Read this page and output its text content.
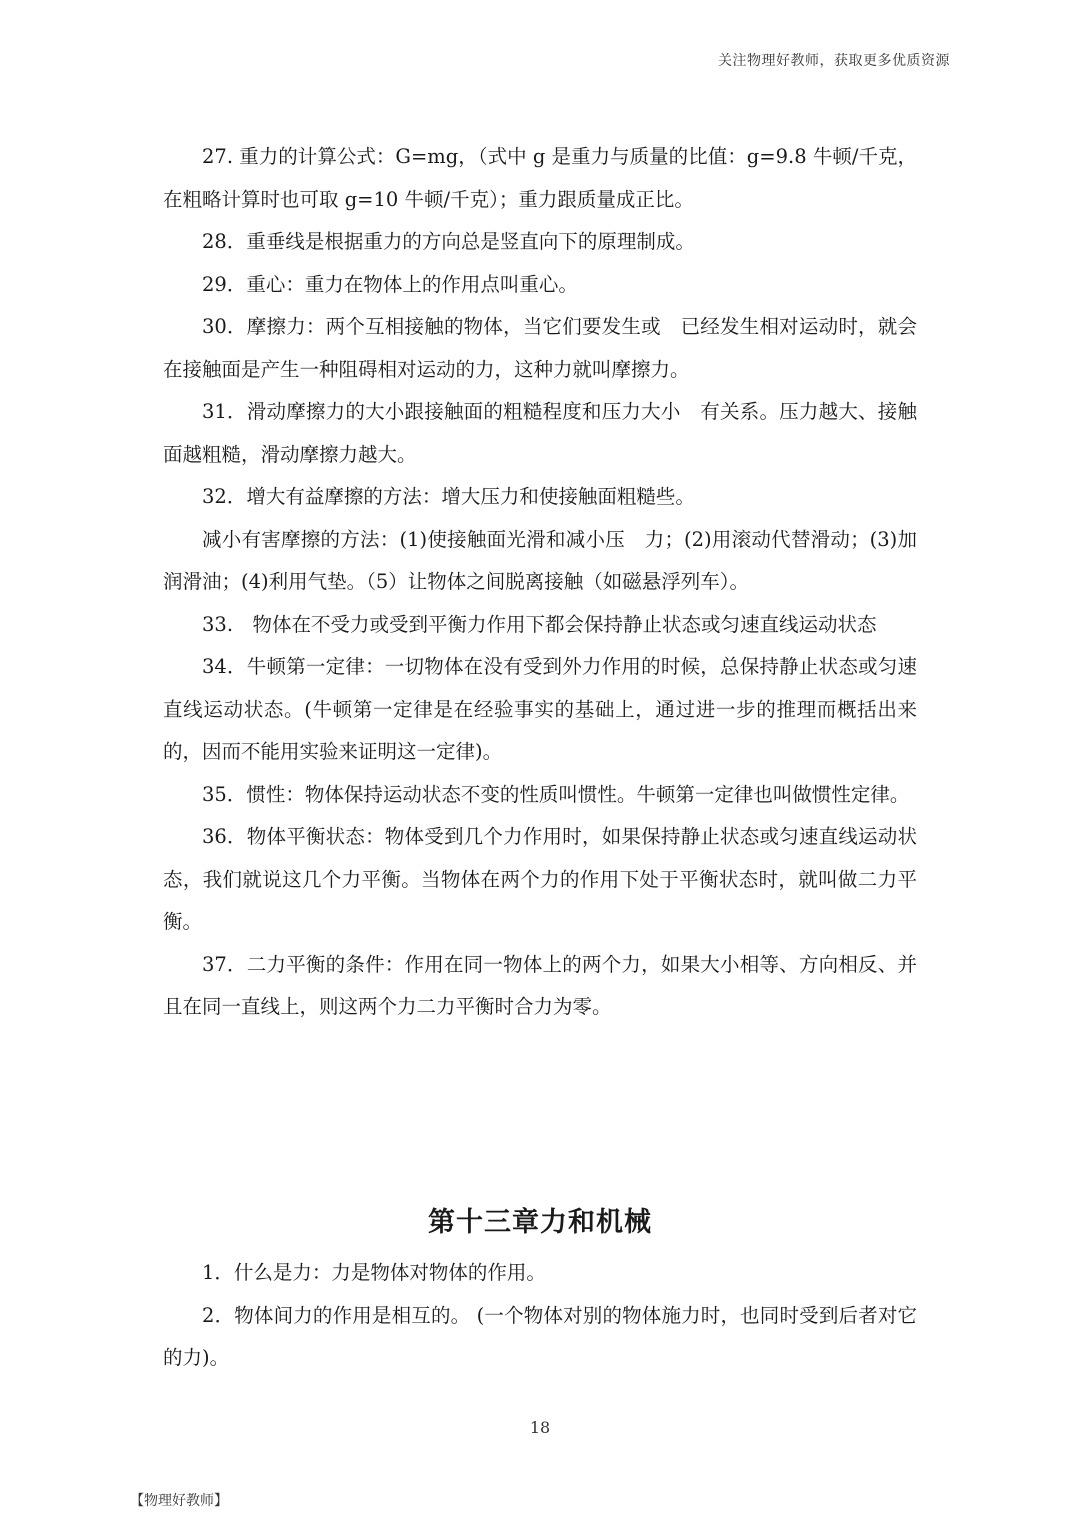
关注物理好教师，获取更多优质资源

27. 重力的计算公式：G=mg，（式中 g 是重力与质量的比值：g=9.8 牛顿/千克，在粗略计算时也可取 g=10 牛顿/千克）；重力跟质量成正比。

28．重垂线是根据重力的方向总是竖直向下的原理制成。

29．重心：重力在物体上的作用点叫重心。

30．摩擦力：两个互相接触的物体，当它们要发生或　已经发生相对运动时，就会在接触面是产生一种阻碍相对运动的力，这种力就叫摩擦力。

31．滑动摩擦力的大小跟接触面的粗糙程度和压力大小　有关系。压力越大、接触面越粗糙，滑动摩擦力越大。

32．增大有益摩擦的方法：增大压力和使接触面粗糙些。

减小有害摩擦的方法：(1)使接触面光滑和减小压　力；(2)用滚动代替滑动；(3)加润滑油；(4)利用气垫。（5）让物体之间脱离接触（如磁悬浮列车）。

33.　物体在不受力或受到平衡力作用下都会保持静止状态或匀速直线运动状态

34．牛顿第一定律：一切物体在没有受到外力作用的时候，总保持静止状态或匀速直线运动状态。(牛顿第一定律是在经验事实的基础上，通过进一步的推理而概括出来的，因而不能用实验来证明这一定律)。

35．惯性：物体保持运动状态不变的性质叫惯性。牛顿第一定律也叫做惯性定律。

36．物体平衡状态：物体受到几个力作用时，如果保持静止状态或匀速直线运动状态，我们就说这几个力平衡。当物体在两个力的作用下处于平衡状态时，就叫做二力平衡。

37．二力平衡的条件：作用在同一物体上的两个力，如果大小相等、方向相反、并且在同一直线上，则这两个力二力平衡时合力为零。

第十三章力和机械

1．什么是力：力是物体对物体的作用。

2．物体间力的作用是相互的。 (一个物体对别的物体施力时，也同时受到后者对它的力)。

18
【物理好教师】
